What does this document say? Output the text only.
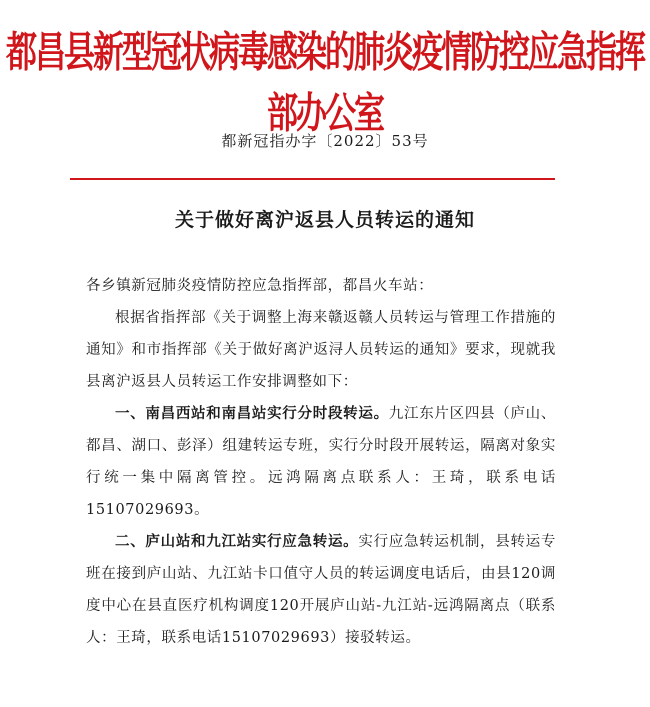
都昌县新型冠状病毒感染的肺炎疫情防控应急指挥部办公室
都新冠指办字〔2022〕53号
关于做好离沪返县人员转运的通知

各乡镇新冠肺炎疫情防控应急指挥部，都昌火车站：

根据省指挥部《关于调整上海来赣返赣人员转运与管理工作措施的通知》和市指挥部《关于做好离沪返浔人员转运的通知》要求，现就我县离沪返县人员转运工作安排调整如下：

一、南昌西站和南昌站实行分时段转运。九江东片区四县（庐山、都昌、湖口、彭泽）组建转运专班，实行分时段开展转运，隔离对象实行统一集中隔离管控。远鸿隔离点联系人：王琦，联系电话15107029693。

二、庐山站和九江站实行应急转运。实行应急转运机制，县转运专班在接到庐山站、九江站卡口值守人员的转运调度电话后，由县120调度中心在县直医疗机构调度120开展庐山站-九江站-远鸿隔离点（联系人：王琦，联系电话15107029693）接驳转运。
